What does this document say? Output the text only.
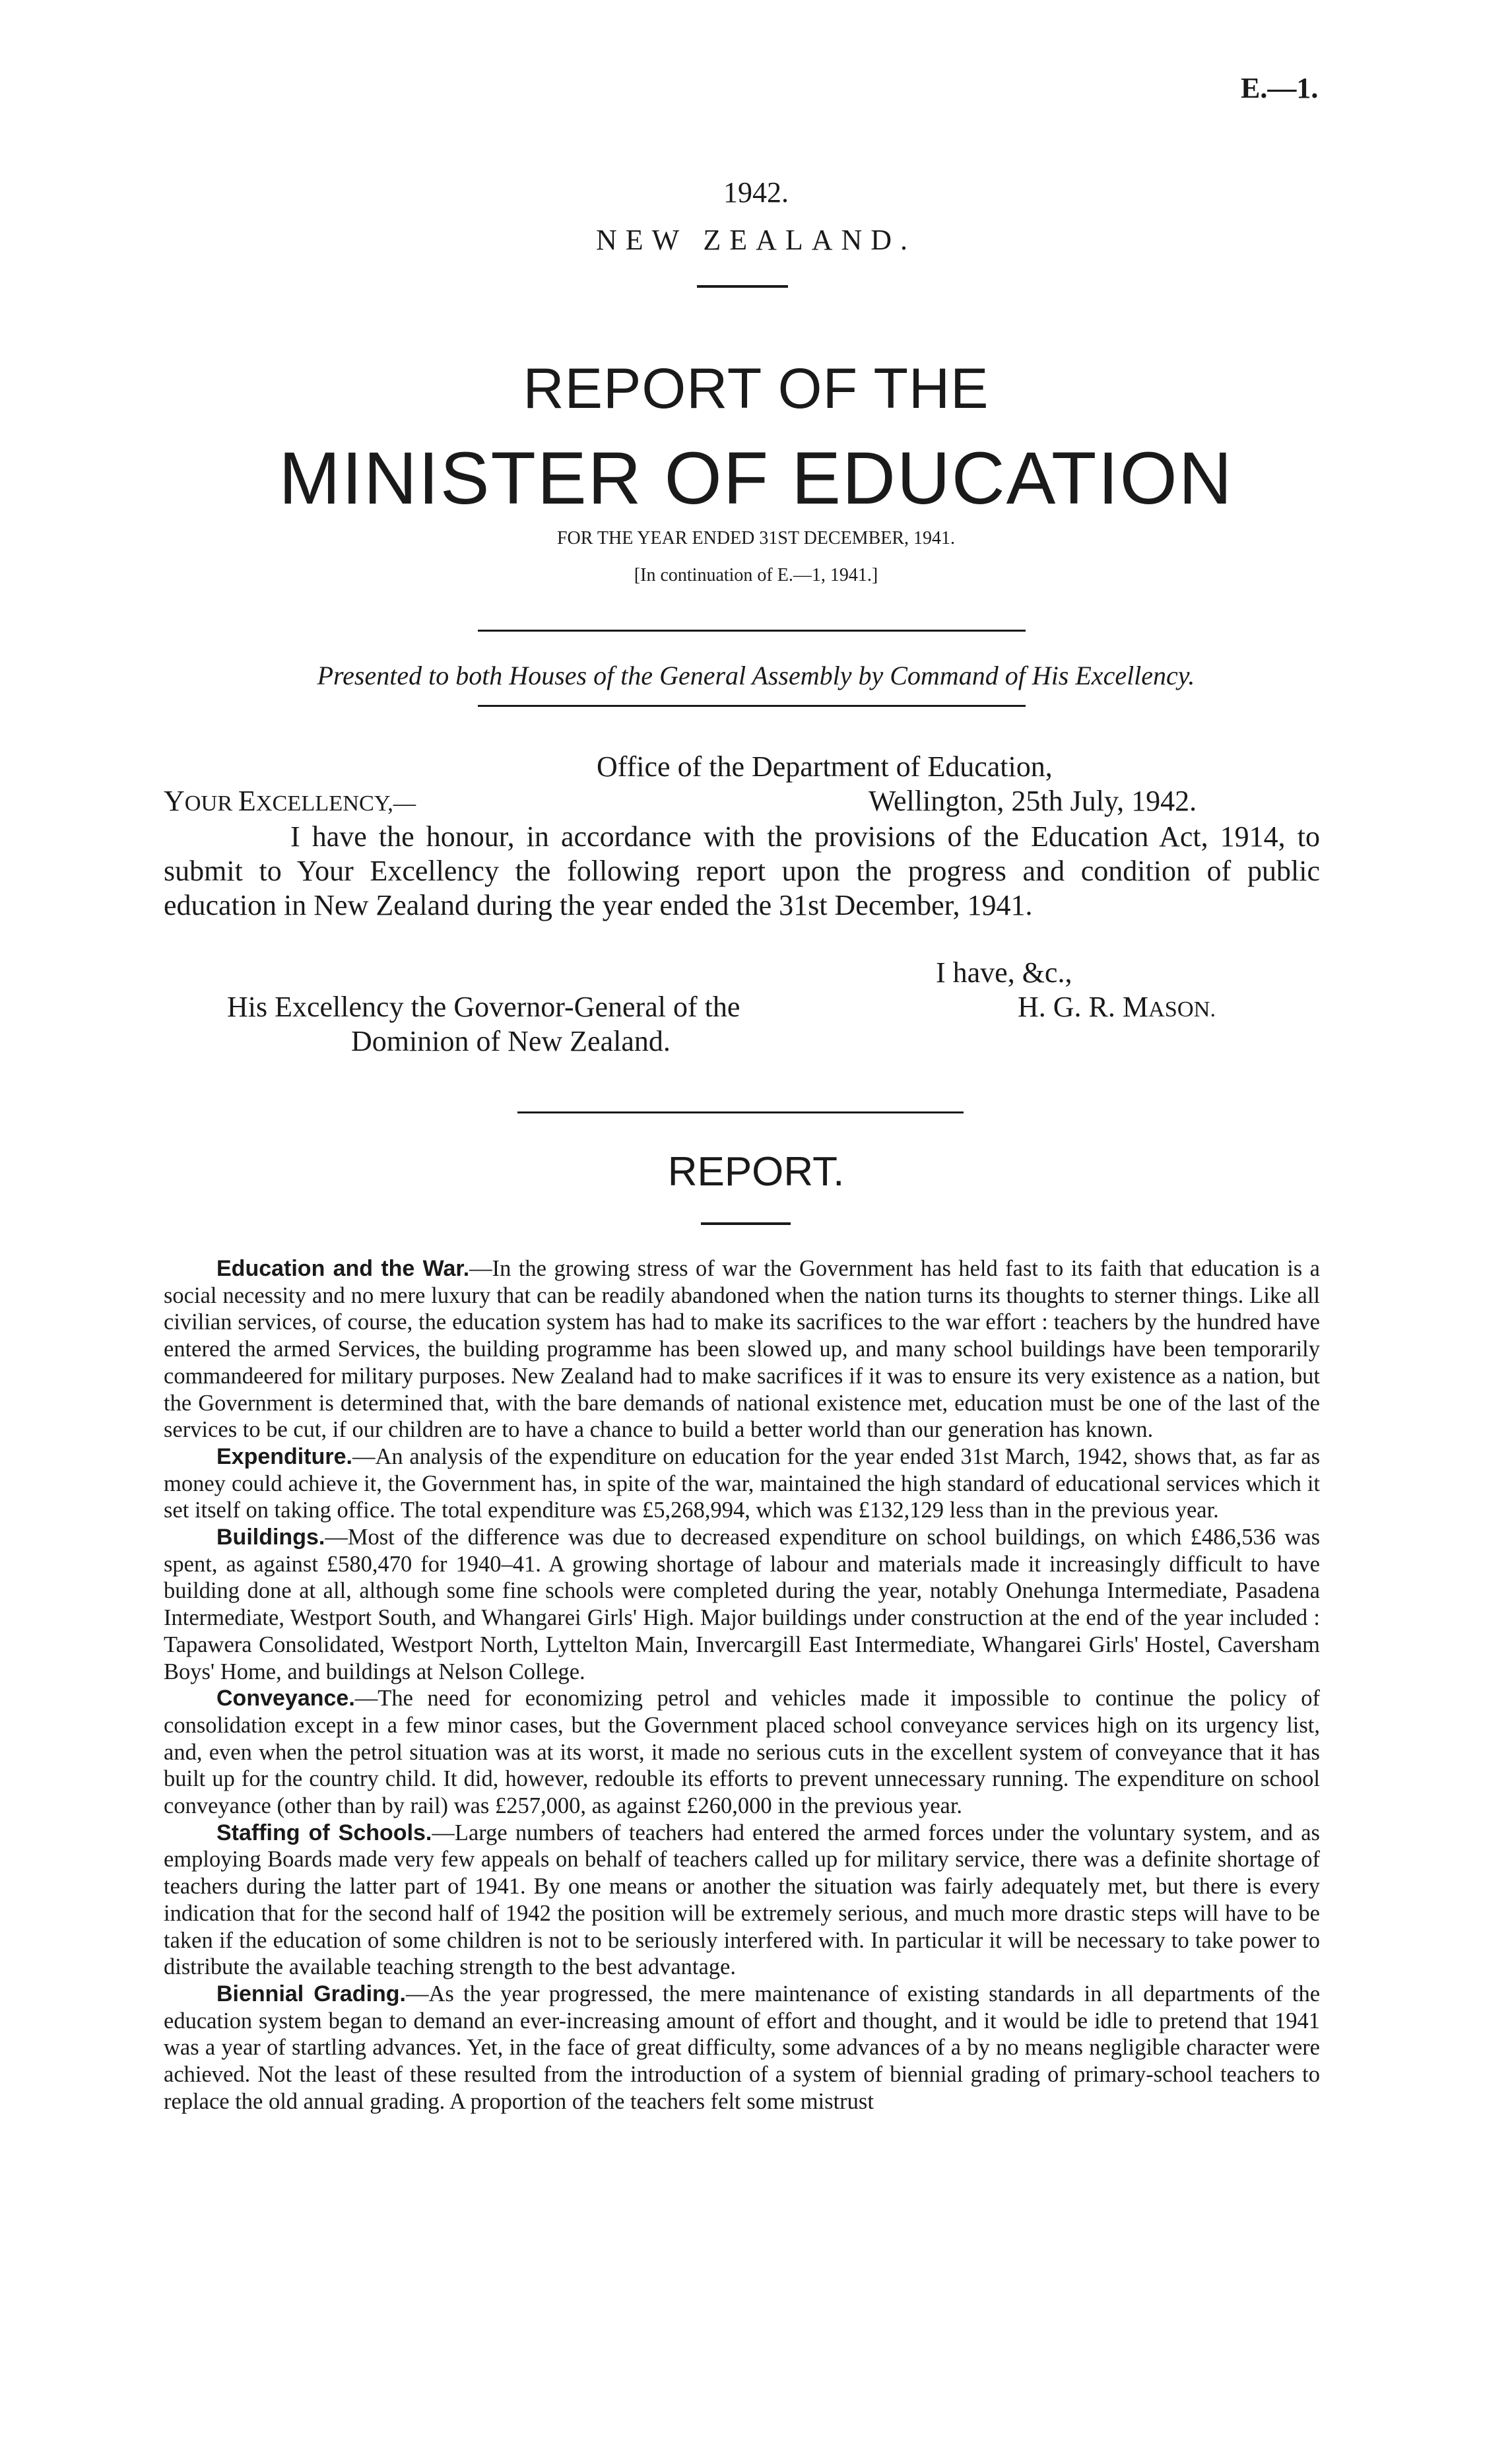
E.—1.
1942.
NEW ZEALAND.
REPORT OF THE
MINISTER OF EDUCATION
FOR THE YEAR ENDED 31ST DECEMBER, 1941.
[In continuation of E.—1, 1941.]
Presented to both Houses of the General Assembly by Command of His Excellency.
Office of the Department of Education,
YOUR EXCELLENCY,—	Wellington, 25th July, 1942.
I have the honour, in accordance with the provisions of the Education Act, 1914, to submit to Your Excellency the following report upon the progress and condition of public education in New Zealand during the year ended the 31st December, 1941.
I have, &c.,
His Excellency the Governor-General of the	H. G. R. MASON.
Dominion of New Zealand.
REPORT.

Education and the War.—In the growing stress of war the Government has held fast to its faith that education is a social necessity and no mere luxury that can be readily abandoned when the nation turns its thoughts to sterner things. Like all civilian services, of course, the education system has had to make its sacrifices to the war effort : teachers by the hundred have entered the armed Services, the building programme has been slowed up, and many school buildings have been temporarily commandeered for military purposes. New Zealand had to make sacrifices if it was to ensure its very existence as a nation, but the Government is determined that, with the bare demands of national existence met, education must be one of the last of the services to be cut, if our children are to have a chance to build a better world than our generation has known.

Expenditure.—An analysis of the expenditure on education for the year ended 31st March, 1942, shows that, as far as money could achieve it, the Government has, in spite of the war, maintained the high standard of educational services which it set itself on taking office. The total expenditure was £5,268,994, which was £132,129 less than in the previous year.

Buildings.—Most of the difference was due to decreased expenditure on school buildings, on which £486,536 was spent, as against £580,470 for 1940–41. A growing shortage of labour and materials made it increasingly difficult to have building done at all, although some fine schools were completed during the year, notably Onehunga Intermediate, Pasadena Intermediate, Westport South, and Whangarei Girls' High. Major buildings under construction at the end of the year included : Tapawera Consolidated, Westport North, Lyttelton Main, Invercargill East Intermediate, Whangarei Girls' Hostel, Caversham Boys' Home, and buildings at Nelson College.

Conveyance.—The need for economizing petrol and vehicles made it impossible to continue the policy of consolidation except in a few minor cases, but the Government placed school conveyance services high on its urgency list, and, even when the petrol situation was at its worst, it made no serious cuts in the excellent system of conveyance that it has built up for the country child. It did, however, redouble its efforts to prevent unnecessary running. The expenditure on school conveyance (other than by rail) was £257,000, as against £260,000 in the previous year.

Staffing of Schools.—Large numbers of teachers had entered the armed forces under the voluntary system, and as employing Boards made very few appeals on behalf of teachers called up for military service, there was a definite shortage of teachers during the latter part of 1941. By one means or another the situation was fairly adequately met, but there is every indication that for the second half of 1942 the position will be extremely serious, and much more drastic steps will have to be taken if the education of some children is not to be seriously interfered with. In particular it will be necessary to take power to distribute the available teaching strength to the best advantage.

Biennial Grading.—As the year progressed, the mere maintenance of existing standards in all departments of the education system began to demand an ever-increasing amount of effort and thought, and it would be idle to pretend that 1941 was a year of startling advances. Yet, in the face of great difficulty, some advances of a by no means negligible character were achieved. Not the least of these resulted from the introduction of a system of biennial grading of primary-school teachers to replace the old annual grading. A proportion of the teachers felt some mistrust
